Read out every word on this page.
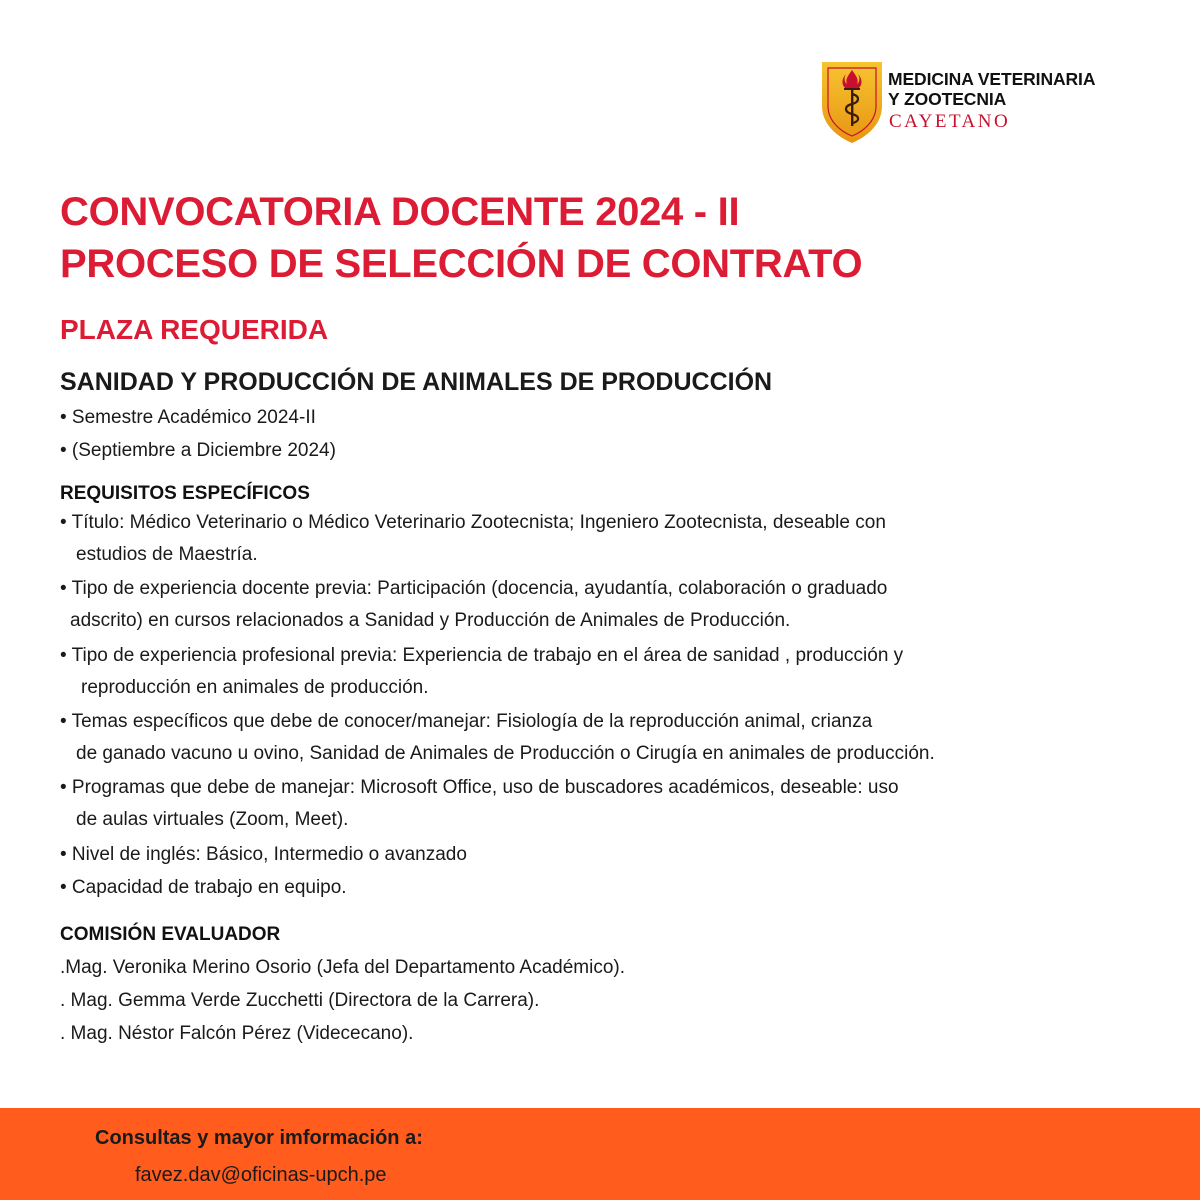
MEDICINA VETERINARIA
Y ZOOTECNIA
CAYETANO
CONVOCATORIA DOCENTE 2024 - II
PROCESO DE SELECCIÓN DE CONTRATO
PLAZA REQUERIDA
SANIDAD Y PRODUCCIÓN DE ANIMALES DE PRODUCCIÓN
• Semestre Académico 2024-II
• (Septiembre a Diciembre 2024)
REQUISITOS ESPECÍFICOS
• Título: Médico Veterinario o Médico Veterinario Zootecnista; Ingeniero Zootecnista, deseable con
estudios de Maestría.
• Tipo de experiencia docente previa: Participación (docencia, ayudantía, colaboración o graduado
adscrito) en cursos relacionados a Sanidad y Producción de Animales de Producción.
• Tipo de experiencia profesional previa: Experiencia de trabajo en el área de sanidad , producción y
reproducción en animales de producción.
• Temas específicos que debe de conocer/manejar: Fisiología de la reproducción animal, crianza
de ganado vacuno u ovino, Sanidad de Animales de Producción o Cirugía en animales de producción.
• Programas que debe de manejar: Microsoft Office, uso de buscadores académicos, deseable: uso
de aulas virtuales (Zoom, Meet).
• Nivel de inglés: Básico, Intermedio o avanzado
• Capacidad de trabajo en equipo.
COMISIÓN EVALUADOR
.Mag. Veronika Merino Osorio (Jefa del Departamento Académico).
. Mag. Gemma Verde Zucchetti (Directora de la Carrera).
. Mag. Néstor Falcón Pérez (Vidececano).
Consultas y mayor imformación a:
favez.dav@oficinas-upch.pe
